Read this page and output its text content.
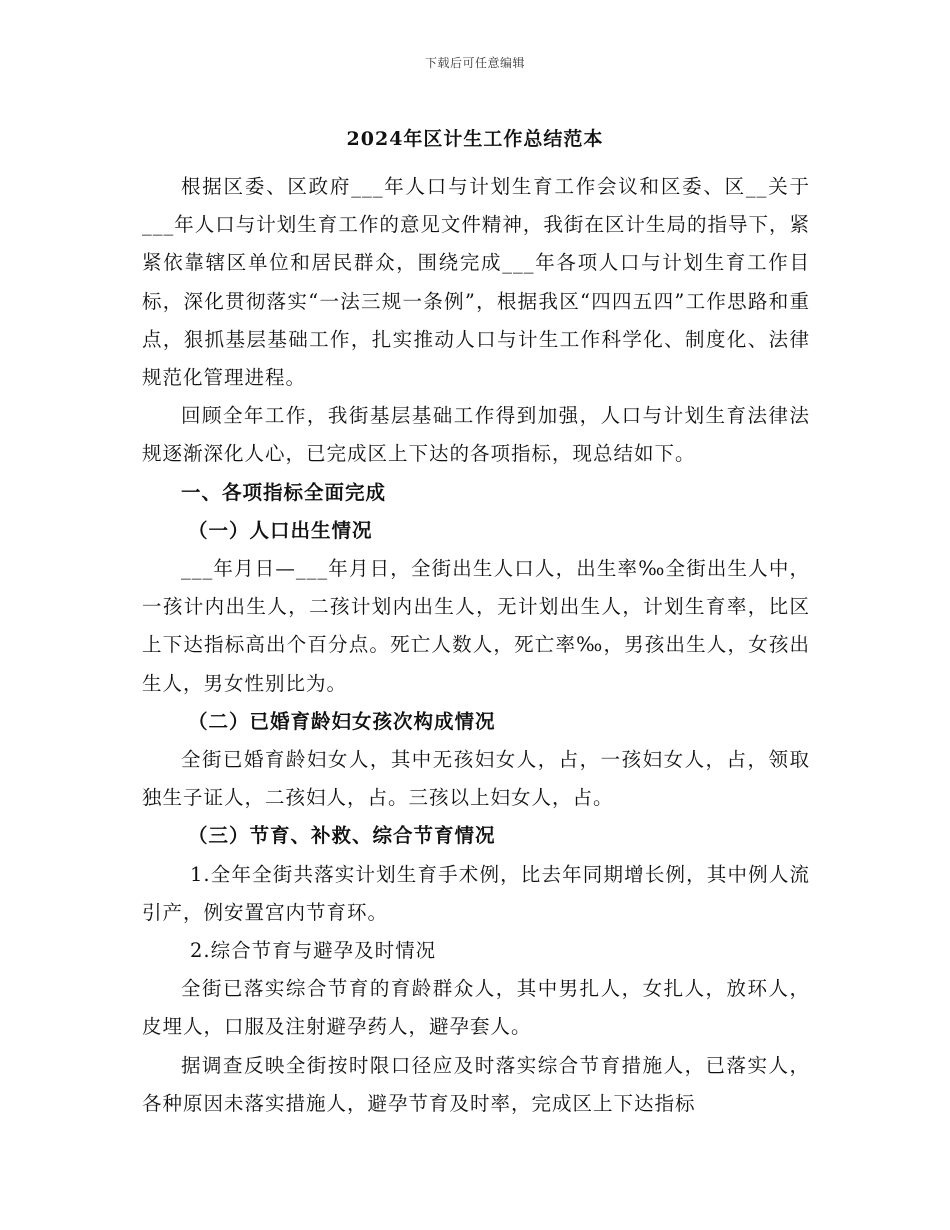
下载后可任意编辑
2024年区计生工作总结范本

根据区委、区政府___年人口与计划生育工作会议和区委、区__关于___年人口与计划生育工作的意见文件精神，我街在区计生局的指导下，紧紧依靠辖区单位和居民群众，围绕完成___年各项人口与计划生育工作目标，深化贯彻落实“一法三规一条例”，根据我区“四四五四”工作思路和重点，狠抓基层基础工作，扎实推动人口与计生工作科学化、制度化、法律规范化管理进程。

回顾全年工作，我街基层基础工作得到加强，人口与计划生育法律法规逐渐深化人心，已完成区上下达的各项指标，现总结如下。

一、各项指标全面完成

（一）人口出生情况

___年月日—___年月日，全街出生人口人，出生率‰全街出生人中，一孩计内出生人，二孩计划内出生人，无计划出生人，计划生育率，比区上下达指标高出个百分点。死亡人数人，死亡率‰，男孩出生人，女孩出生人，男女性别比为。

（二）已婚育龄妇女孩次构成情况

全街已婚育龄妇女人，其中无孩妇女人，占，一孩妇女人，占，领取独生子证人，二孩妇人，占。三孩以上妇女人，占。

（三）节育、补救、综合节育情况

1.全年全街共落实计划生育手术例，比去年同期增长例，其中例人流引产，例安置宫内节育环。

2.综合节育与避孕及时情况

全街已落实综合节育的育龄群众人，其中男扎人，女扎人，放环人，皮埋人，口服及注射避孕药人，避孕套人。

据调查反映全街按时限口径应及时落实综合节育措施人，已落实人，各种原因未落实措施人，避孕节育及时率，完成区上下达指标
